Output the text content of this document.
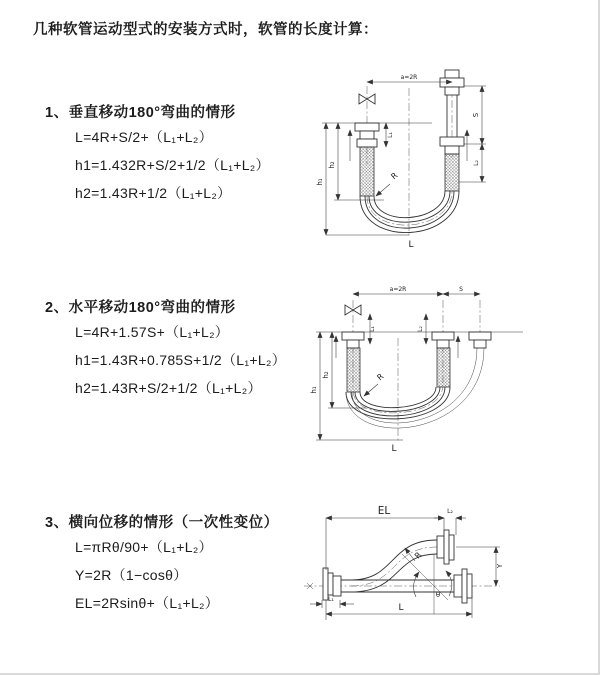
几种软管运动型式的安装方式时，软管的长度计算：
1、垂直移动180°弯曲的情形
L=4R+S/2+（L₁+L₂）
h1=1.432R+S/2+1/2（L₁+L₂）
h2=1.43R+1/2（L₁+L₂）
2、水平移动180°弯曲的情形
L=4R+1.57S+（L₁+L₂）
h1=1.43R+0.785S+1/2（L₁+L₂）
h2=1.43R+S/2+1/2（L₁+L₂）
3、横向位移的情形（一次性变位）
L=πRθ/90+（L₁+L₂）
Y=2R（1−cosθ）
EL=2Rsinθ+（L₁+L₂）
a=2R
h₁
h₂
L₁
S
L₂
R
L
a=2R	S
h₁
h₂
L₁	L₂
R
L
EL	L₂
Y
L
L₁
R
θ
